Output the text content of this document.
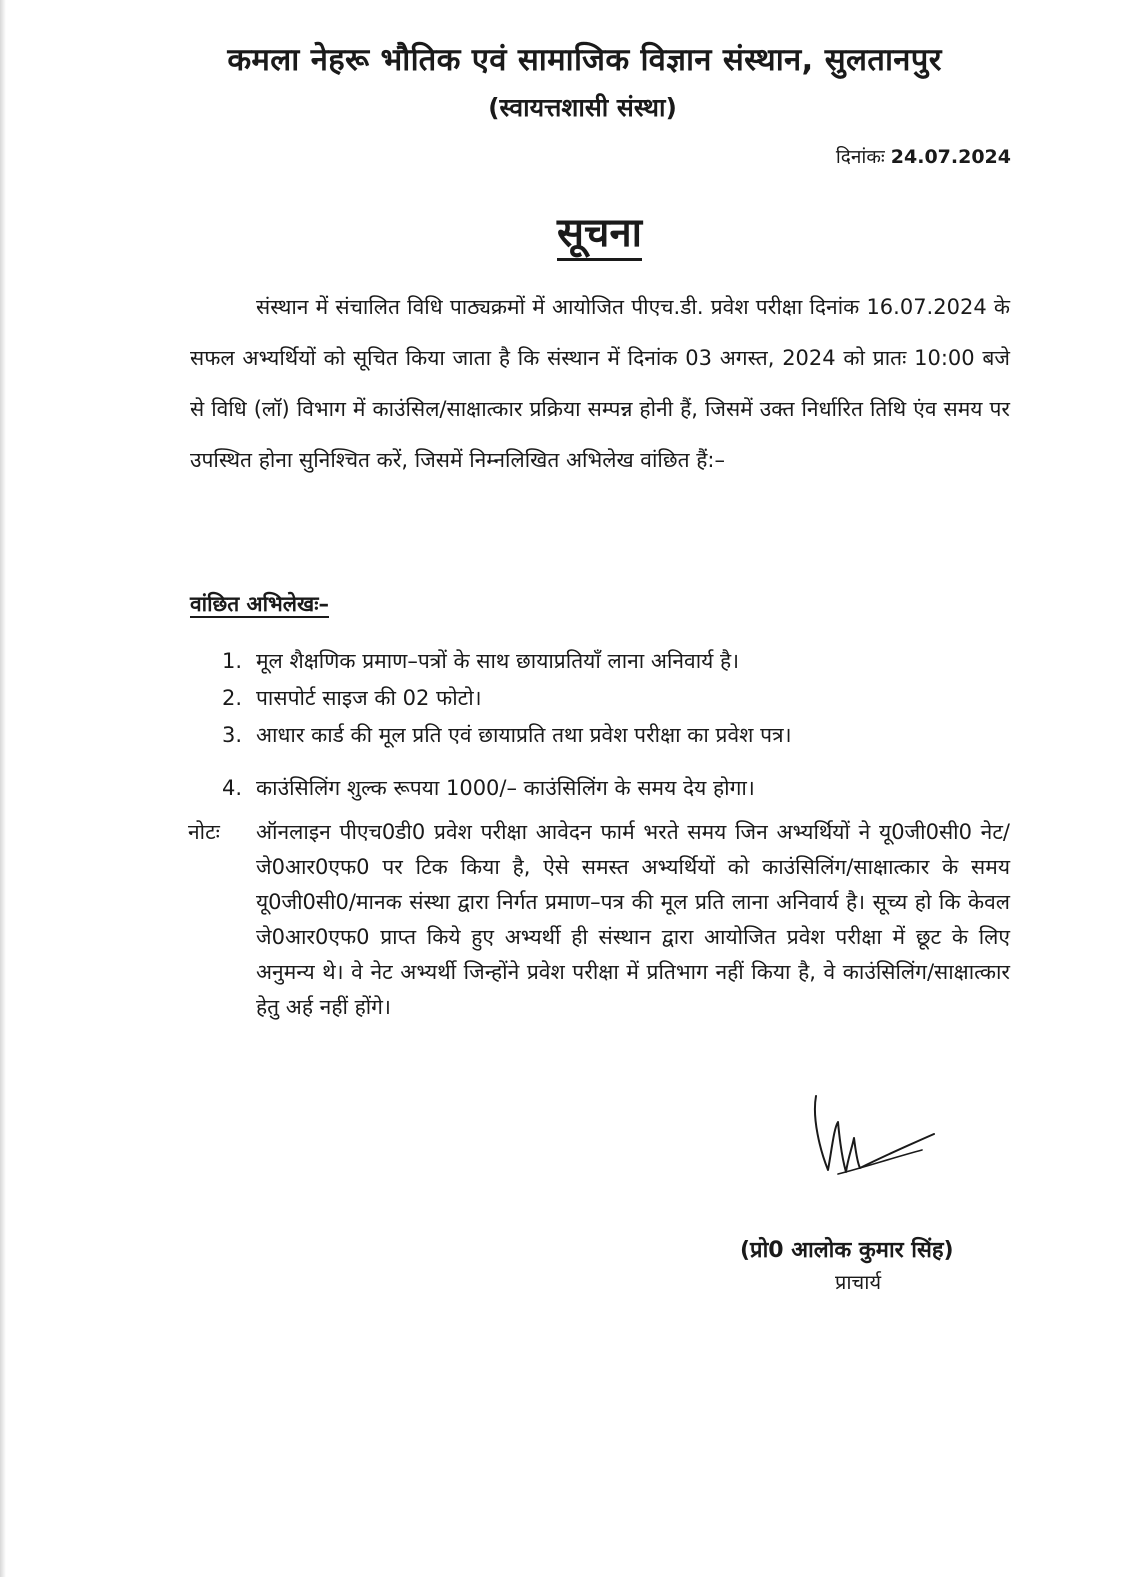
कमला नेहरू भौतिक एवं सामाजिक विज्ञान संस्थान, सुलतानपुर
(स्वायत्तशासी संस्था)
दिनांकः 24.07.2024
सूचना
संस्थान में संचालित विधि पाठ्यक्रमों में आयोजित पीएच.डी. प्रवेश परीक्षा दिनांक 16.07.2024 के सफल अभ्यर्थियों को सूचित किया जाता है कि संस्थान में दिनांक 03 अगस्त, 2024 को प्रातः 10:00 बजे से विधि (लॉ) विभाग में काउंसिल/साक्षात्कार प्रक्रिया सम्पन्न होनी हैं, जिसमें उक्त निर्धारित तिथि एंव समय पर उपस्थित होना सुनिश्चित करें, जिसमें निम्नलिखित अभिलेख वांछित हैं:–
वांछित अभिलेखः–
1. मूल शैक्षणिक प्रमाण–पत्रों के साथ छायाप्रतियाँ लाना अनिवार्य है।
2. पासपोर्ट साइज की 02 फोटो।
3. आधार कार्ड की मूल प्रति एवं छायाप्रति तथा प्रवेश परीक्षा का प्रवेश पत्र।
4. काउंसिलिंग शुल्क रूपया 1000/– काउंसिलिंग के समय देय होगा।
नोटः	ऑनलाइन पीएच0डी0 प्रवेश परीक्षा आवेदन फार्म भरते समय जिन अभ्यर्थियों ने यू0जी0सी0 नेट/जे0आर0एफ0 पर टिक किया है, ऐसे समस्त अभ्यर्थियों को काउंसिलिंग/साक्षात्कार के समय यू0जी0सी0/मानक संस्था द्वारा निर्गत प्रमाण–पत्र की मूल प्रति लाना अनिवार्य है। सूच्य हो कि केवल जे0आर0एफ0 प्राप्त किये हुए अभ्यर्थी ही संस्थान द्वारा आयोजित प्रवेश परीक्षा में छूट के लिए अनुमन्य थे। वे नेट अभ्यर्थी जिन्होंने प्रवेश परीक्षा में प्रतिभाग नहीं किया है, वे काउंसिलिंग/साक्षात्कार हेतु अर्ह नहीं होंगे।
(प्रो0 आलोक कुमार सिंह)
प्राचार्य
